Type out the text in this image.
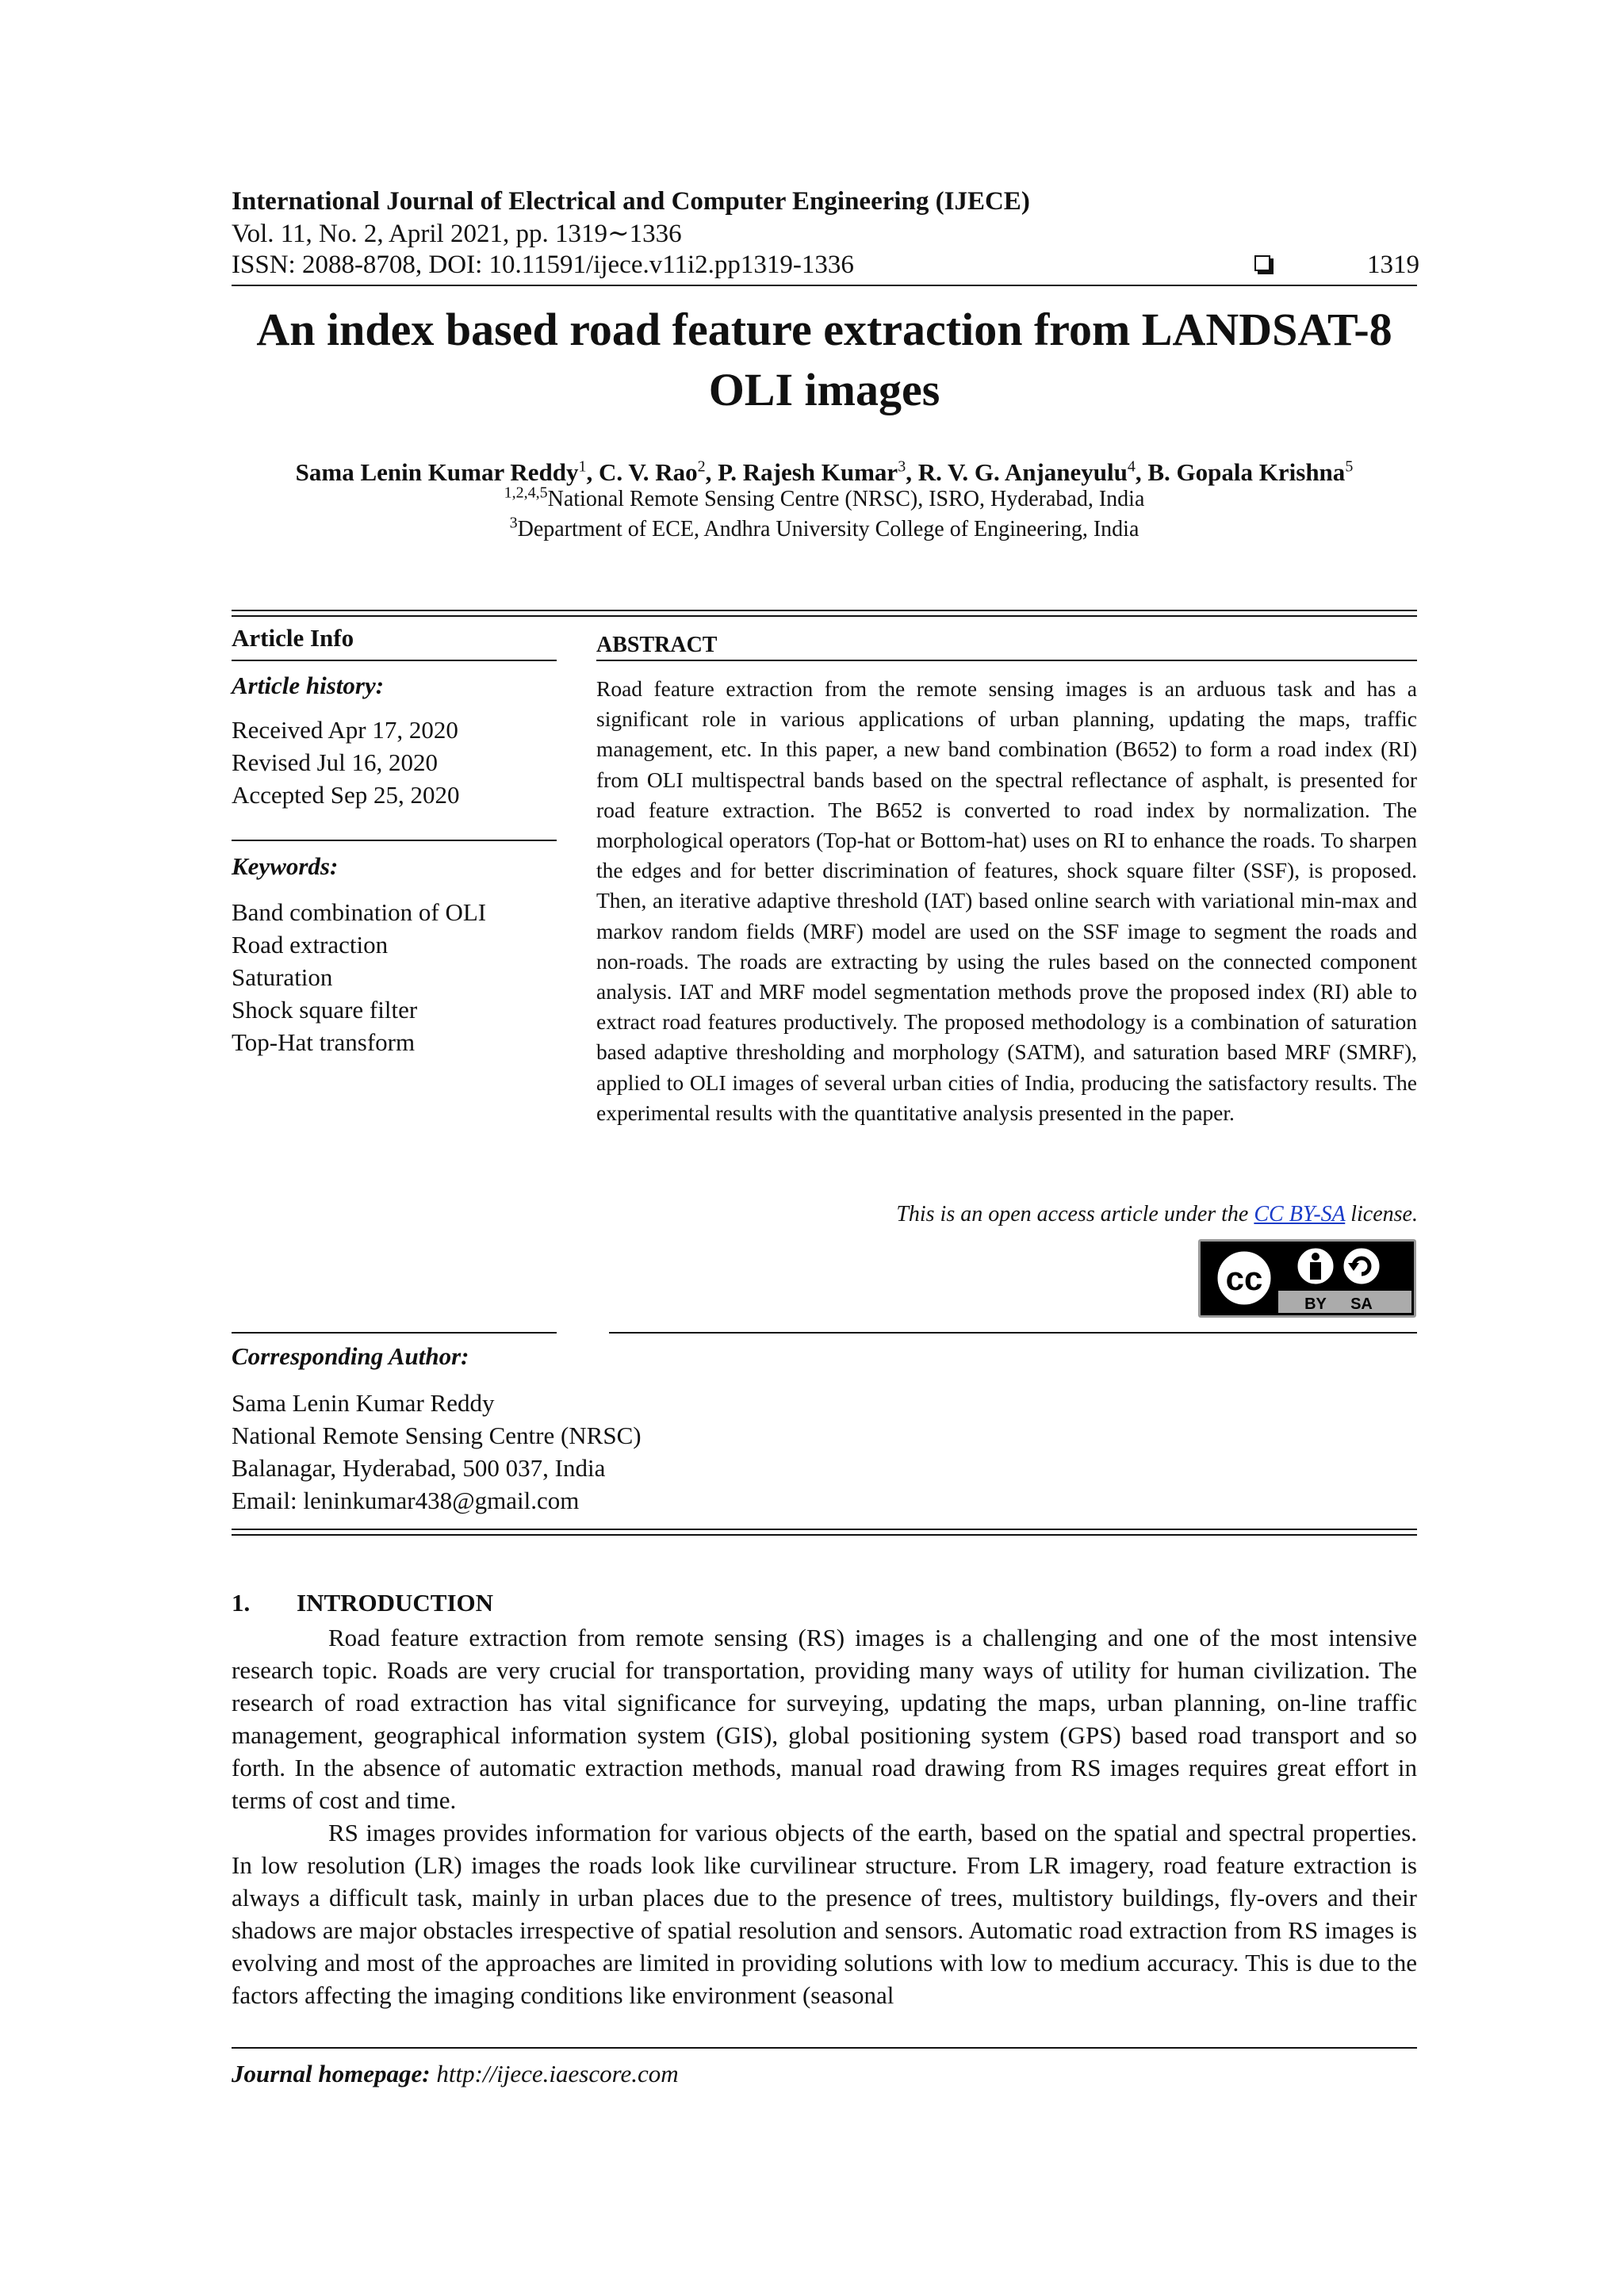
International Journal of Electrical and Computer Engineering (IJECE)
Vol. 11, No. 2, April 2021, pp. 1319∼1336
ISSN: 2088-8708, DOI: 10.11591/ijece.v11i2.pp1319-1336	1319
An index based road feature extraction from LANDSAT-8
OLI images
Sama Lenin Kumar Reddy$^1$, C. V. Rao$^2$, P. Rajesh Kumar$^3$, R. V. G. Anjaneyulu$^4$, B. Gopala Krishna$^5$
$^{1,2,4,5}$National Remote Sensing Centre (NRSC), ISRO, Hyderabad, India
$^3$Department of ECE, Andhra University College of Engineering, India
Article Info
Article history:
Received Apr 17, 2020
Revised Jul 16, 2020
Accepted Sep 25, 2020
Keywords:
Band combination of OLI
Road extraction
Saturation
Shock square filter
Top-Hat transform
ABSTRACT
Road feature extraction from the remote sensing images is an arduous task and has a significant role in various applications of urban planning, updating the maps, traffic management, etc. In this paper, a new band combination (B652) to form a road index (RI) from OLI multispectral bands based on the spectral reflectance of asphalt, is presented for road feature extraction. The B652 is converted to road index by normalization. The morphological operators (Top-hat or Bottom-hat) uses on RI to enhance the roads. To sharpen the edges and for better discrimination of features, shock square filter (SSF), is proposed. Then, an iterative adaptive threshold (IAT) based online search with variational min-max and markov random fields (MRF) model are used on the SSF image to segment the roads and non-roads. The roads are extracting by using the rules based on the connected component analysis. IAT and MRF model segmentation methods prove the proposed index (RI) able to extract road features productively. The proposed methodology is a combination of saturation based adaptive thresholding and morphology (SATM), and saturation based MRF (SMRF), applied to OLI images of several urban cities of India, producing the satisfactory results. The experimental results with the quantitative analysis presented in the paper.
This is an open access article under the CC BY-SA license.
cc
BY SA
Corresponding Author:
Sama Lenin Kumar Reddy
National Remote Sensing Centre (NRSC)
Balanagar, Hyderabad, 500 037, India
Email: leninkumar438@gmail.com
1. INTRODUCTION

Road feature extraction from remote sensing (RS) images is a challenging and one of the most intensive research topic. Roads are very crucial for transportation, providing many ways of utility for human civilization. The research of road extraction has vital significance for surveying, updating the maps, urban planning, on-line traffic management, geographical information system (GIS), global positioning system (GPS) based road transport and so forth. In the absence of automatic extraction methods, manual road drawing from RS images requires great effort in terms of cost and time.

RS images provides information for various objects of the earth, based on the spatial and spectral properties. In low resolution (LR) images the roads look like curvilinear structure. From LR imagery, road feature extraction is always a difficult task, mainly in urban places due to the presence of trees, multistory buildings, fly-overs and their shadows are major obstacles irrespective of spatial resolution and sensors. Automatic road extraction from RS images is evolving and most of the approaches are limited in providing solutions with low to medium accuracy. This is due to the factors affecting the imaging conditions like environment (seasonal

Journal homepage: http://ijece.iaescore.com
